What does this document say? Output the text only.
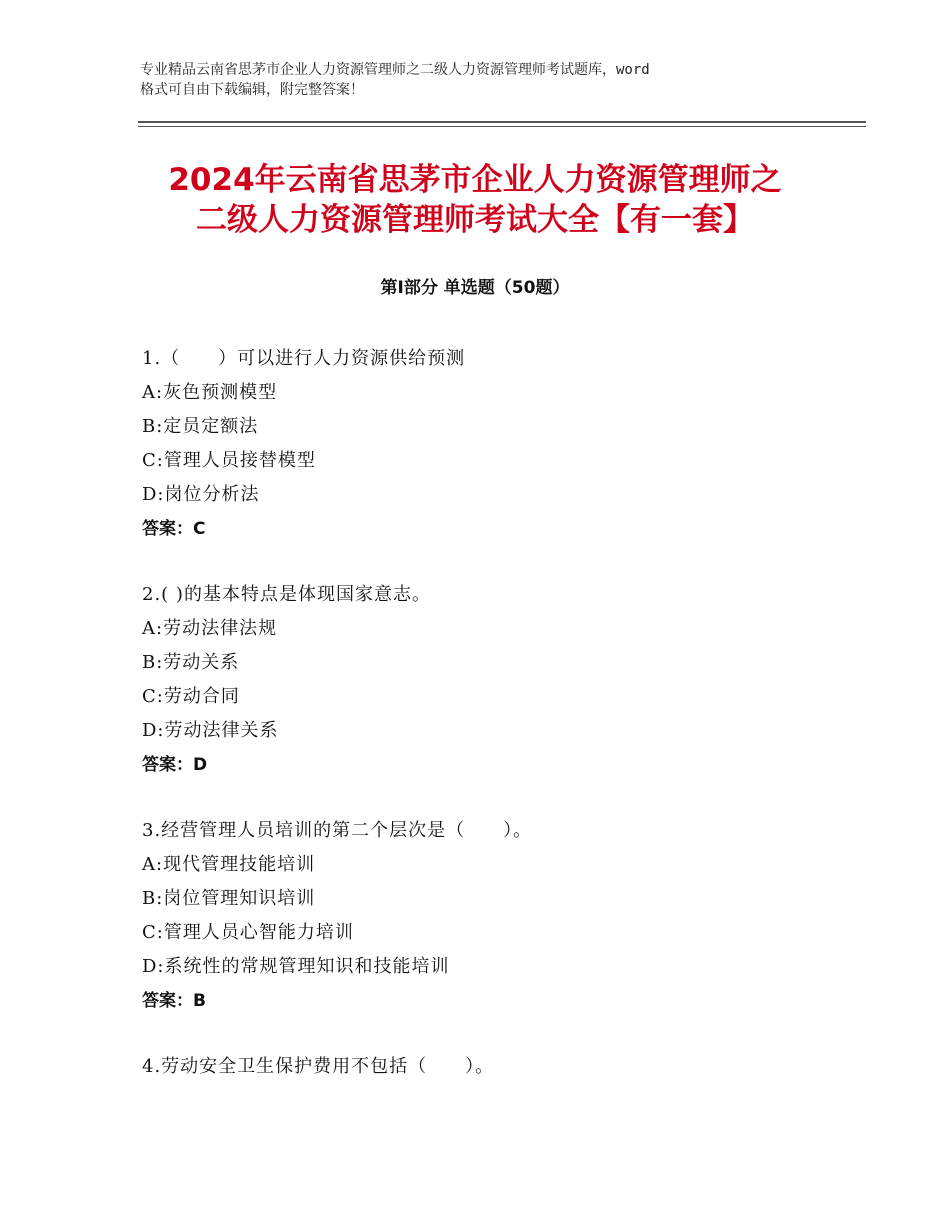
专业精品云南省思茅市企业人力资源管理师之二级人力资源管理师考试题库，word
格式可自由下载编辑，附完整答案！
2024年云南省思茅市企业人力资源管理师之
二级人力资源管理师考试大全【有一套】
第Ⅰ部分 单选题（50题）
1.（　　）可以进行人力资源供给预测
A:灰色预测模型
B:定员定额法
C:管理人员接替模型
D:岗位分析法
答案：C
2.( )的基本特点是体现国家意志。
A:劳动法律法规
B:劳动关系
C:劳动合同
D:劳动法律关系
答案：D
3.经营管理人员培训的第二个层次是（　　）。
A:现代管理技能培训
B:岗位管理知识培训
C:管理人员心智能力培训
D:系统性的常规管理知识和技能培训
答案：B
4.劳动安全卫生保护费用不包括（　　）。
